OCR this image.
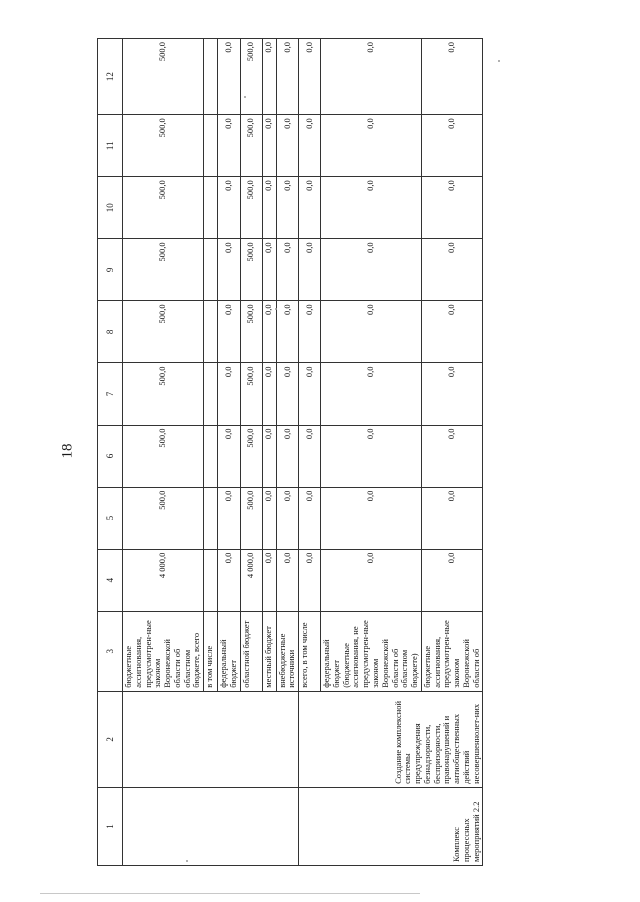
18
1	2	3	4	5	6	7	8	9	10	11	12
		бюджетные ассигнования, предусмотрен-ные законом Воронежской области об областном бюджете, всего	4 000,0	500,0	500,0	500,0	500,0	500,0	500,0	500,0	500,0
		в том числе									
		федеральный бюджет	0,0	0,0	0,0	0,0	0,0	0,0	0,0	0,0	0,0
		областной бюджет	4 000,0	500,0	500,0	500,0	500,0	500,0	500,0	500,0	500,0
		местный бюджет	0,0	0,0	0,0	0,0	0,0	0,0	0,0	0,0	0,0
		внебюджетные источники	0,0	0,0	0,0	0,0	0,0	0,0	0,0	0,0	0,0
Комплекс процессных мероприятий 2.2	Создание комплексной системы предупреждения безнадзорности, беспризорности, правонарушений и антиобщественных действий несовершеннолет-них	всего, в том числе	0,0	0,0	0,0	0,0	0,0	0,0	0,0	0,0	0,0
		федеральный бюджет (бюджетные ассигнования, не предусмотрен-ные законом Воронежской области об областном бюджете)	0,0	0,0	0,0	0,0	0,0	0,0	0,0	0,0	0,0
		бюджетные ассигнования, предусмотрен-ные законом Воронежской области об	0,0	0,0	0,0	0,0	0,0	0,0	0,0	0,0	0,0
